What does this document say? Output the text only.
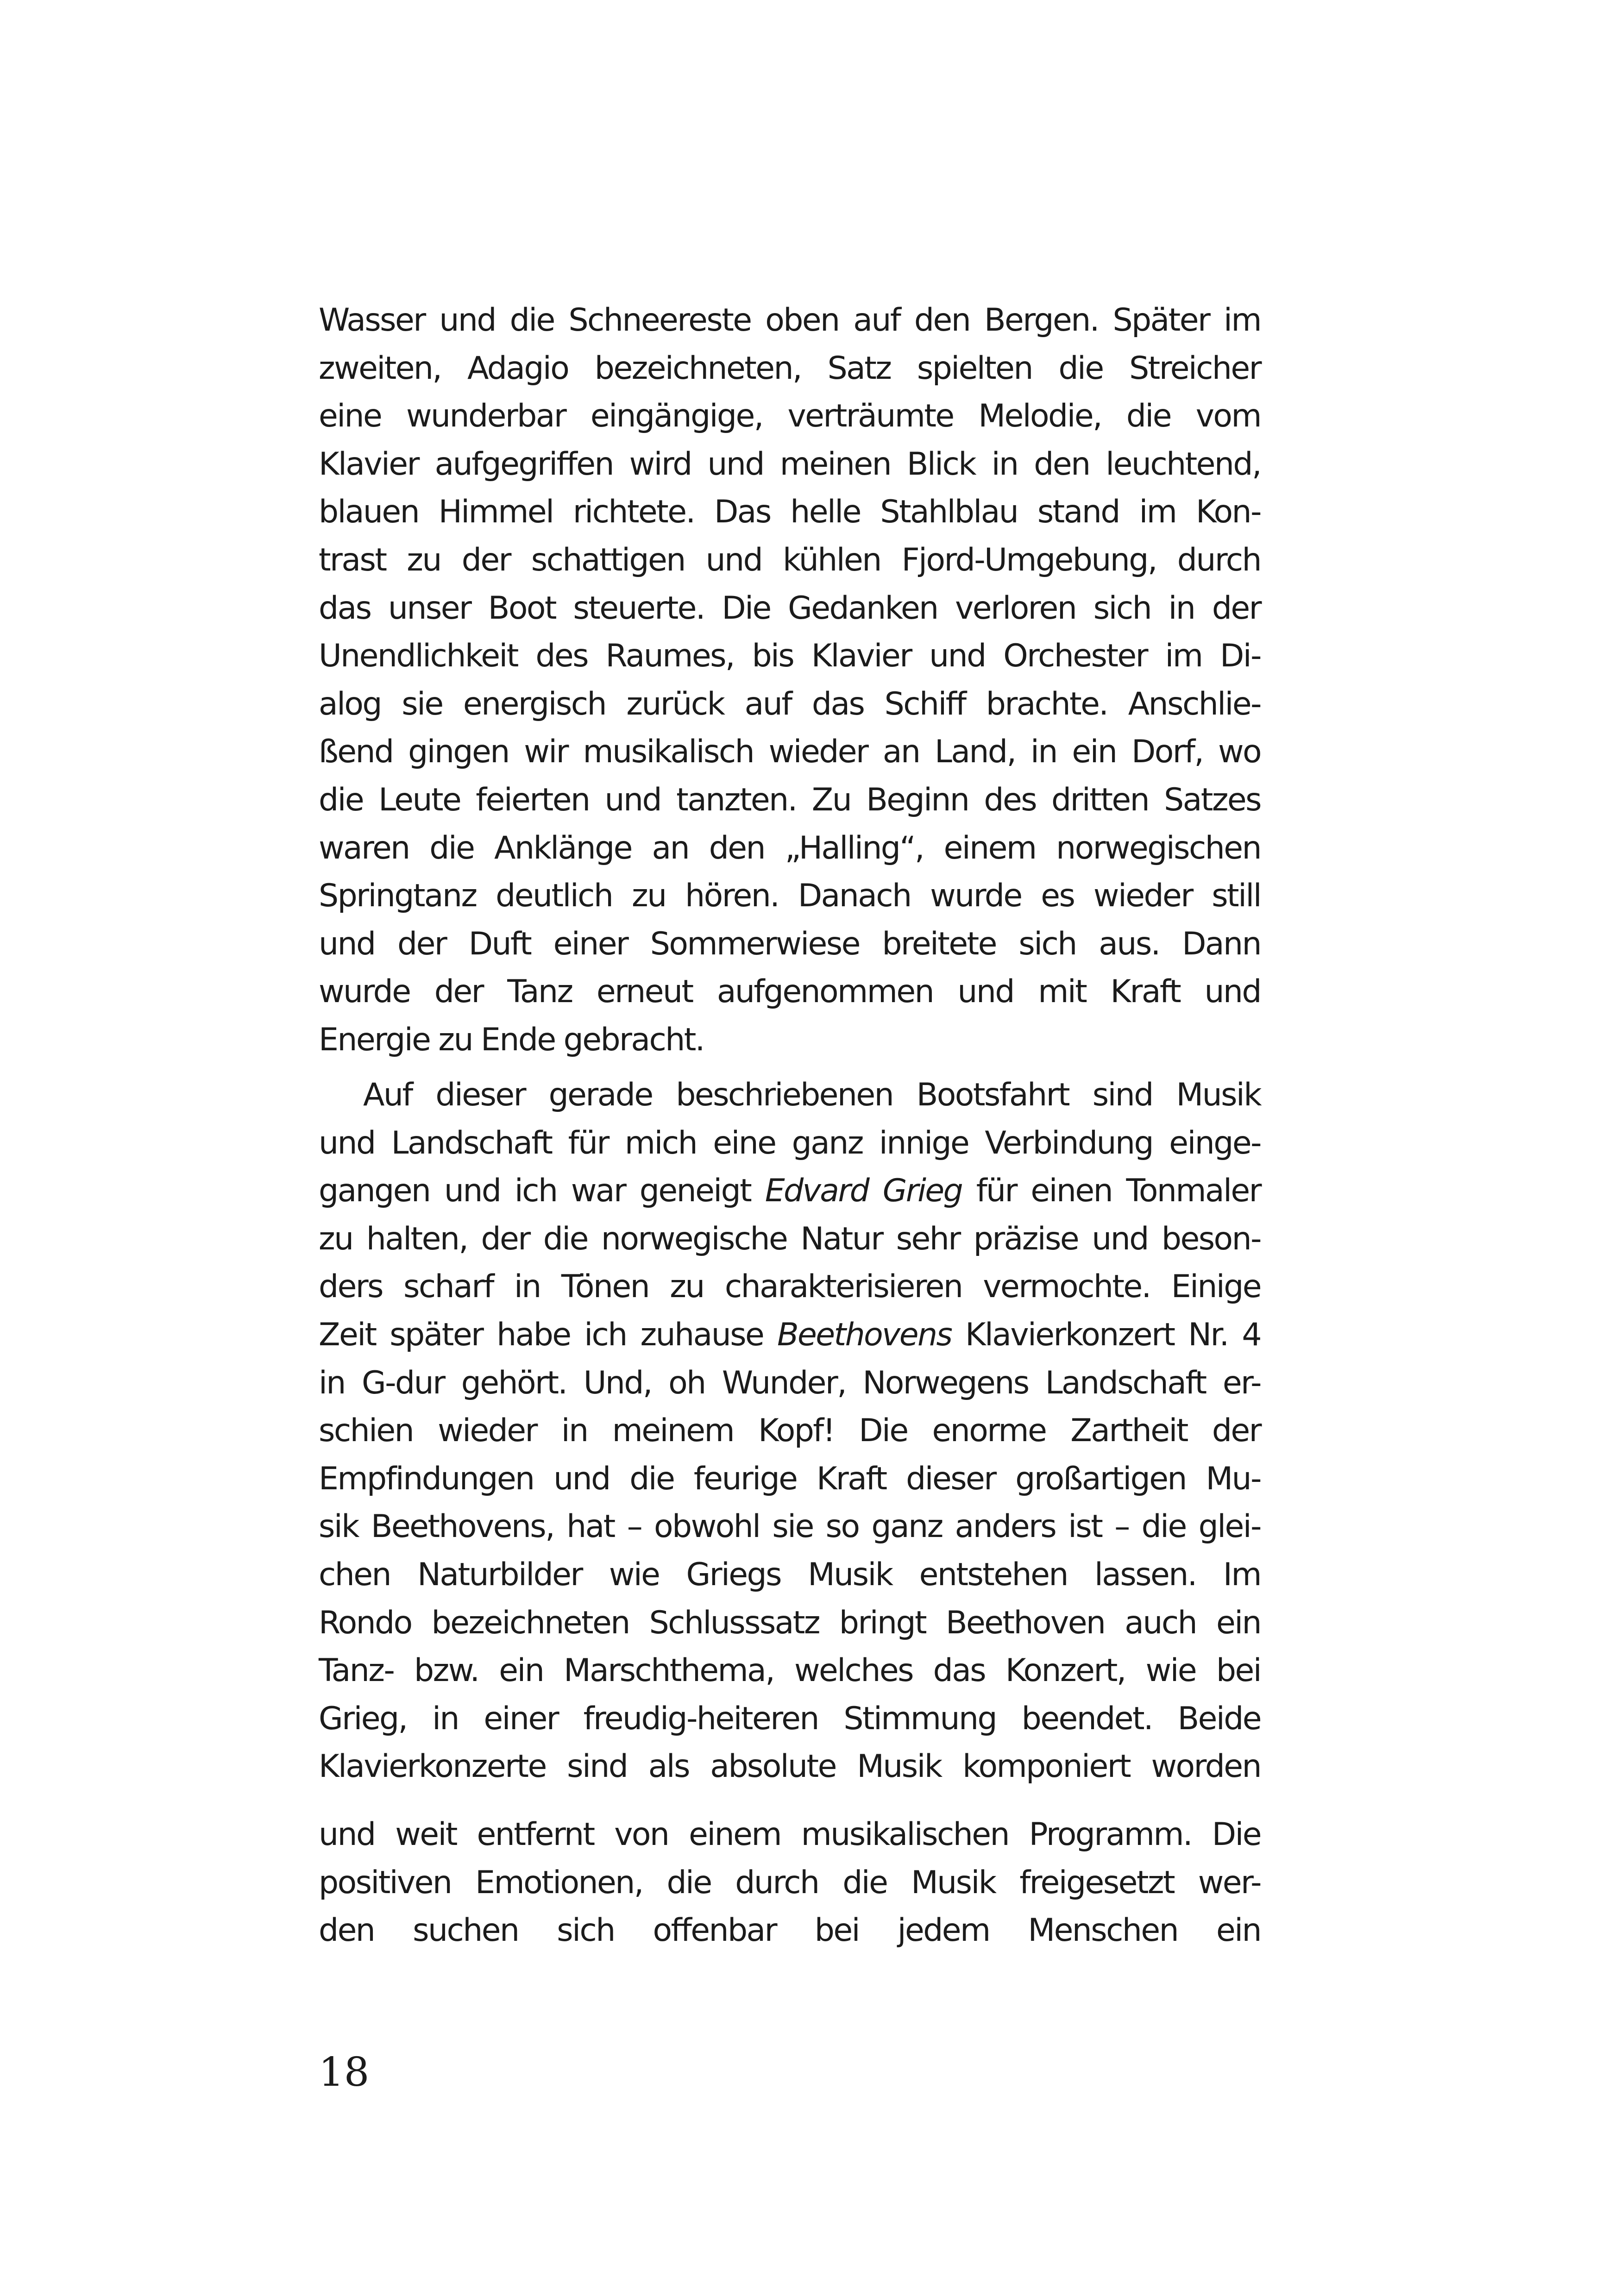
Wasser und die Schneereste oben auf den Bergen. Später im
zweiten, Adagio bezeichneten, Satz spielten die Streicher
eine wunderbar eingängige, verträumte Melodie, die vom
Klavier aufgegriffen wird und meinen Blick in den leuchtend,
blauen Himmel richtete. Das helle Stahlblau stand im Kon-
trast zu der schattigen und kühlen Fjord-Umgebung, durch
das unser Boot steuerte. Die Gedanken verloren sich in der
Unendlichkeit des Raumes, bis Klavier und Orchester im Di-
alog sie energisch zurück auf das Schiff brachte. Anschlie-
ßend gingen wir musikalisch wieder an Land, in ein Dorf, wo
die Leute feierten und tanzten. Zu Beginn des dritten Satzes
waren die Anklänge an den „Halling“, einem norwegischen
Springtanz deutlich zu hören. Danach wurde es wieder still
und der Duft einer Sommerwiese breitete sich aus. Dann
wurde der Tanz erneut aufgenommen und mit Kraft und
Energie zu Ende gebracht.
Auf dieser gerade beschriebenen Bootsfahrt sind Musik
und Landschaft für mich eine ganz innige Verbindung einge-
gangen und ich war geneigt Edvard Grieg für einen Tonmaler
zu halten, der die norwegische Natur sehr präzise und beson-
ders scharf in Tönen zu charakterisieren vermochte. Einige
Zeit später habe ich zuhause Beethovens Klavierkonzert Nr. 4
in G-dur gehört. Und, oh Wunder, Norwegens Landschaft er-
schien wieder in meinem Kopf! Die enorme Zartheit der
Empfindungen und die feurige Kraft dieser großartigen Mu-
sik Beethovens, hat – obwohl sie so ganz anders ist – die glei-
chen Naturbilder wie Griegs Musik entstehen lassen. Im
Rondo bezeichneten Schlusssatz bringt Beethoven auch ein
Tanz- bzw. ein Marschthema, welches das Konzert, wie bei
Grieg, in einer freudig-heiteren Stimmung beendet. Beide
Klavierkonzerte sind als absolute Musik komponiert worden
und weit entfernt von einem musikalischen Programm. Die
positiven Emotionen, die durch die Musik freigesetzt wer-
den suchen sich offenbar bei jedem Menschen ein
18
